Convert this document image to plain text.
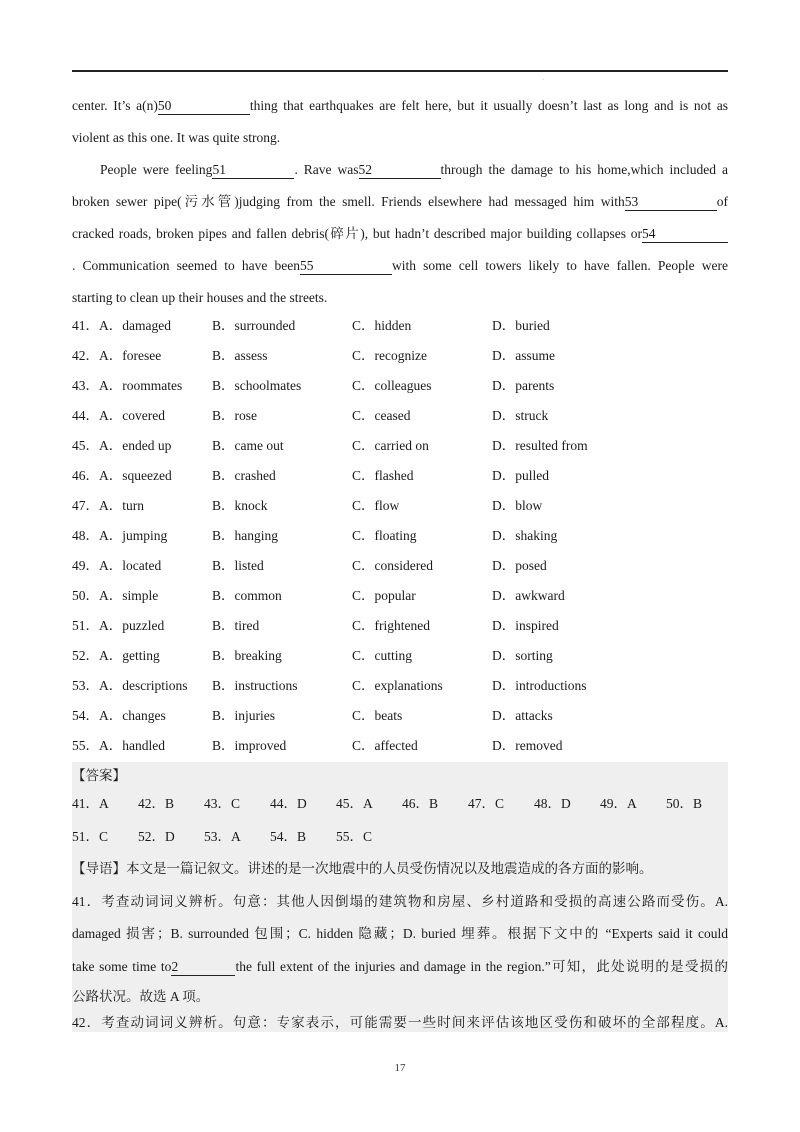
.
center. It’s a(n)50	thing that earthquakes are felt here, but it usually doesn’t last as long and is not as
violent as this one. It was quite strong.
People were feeling51	. Rave was52	through the damage to his home,which included a
broken sewer pipe(污水管)judging from the smell. Friends elsewhere had messaged him with53	of
cracked roads, broken pipes and fallen debris(碎片), but hadn’t described major building collapses or54
. Communication seemed to have been55	with some cell towers likely to have fallen. People were
starting to clean up their houses and the streets.
41．A．damaged	B．surrounded	C．hidden	D．buried
42．A．foresee	B．assess	C．recognize	D．assume
43．A．roommates B．schoolmates	C．colleagues	D．parents
44．A．covered	B．rose	C．ceased	D．struck
45．A．ended up	B．came out	C．carried on	D．resulted from
46．A．squeezed	B．crashed	C．flashed	D．pulled
47．A．turn	B．knock	C．flow	D．blow
48．A．jumping	B．hanging	C．floating	D．shaking
49．A．located	B．listed	C．considered	D．posed
50．A．simple	B．common	C．popular	D．awkward
51．A．puzzled	B．tired	C．frightened	D．inspired
52．A．getting	B．breaking	C．cutting	D．sorting
53．A．descriptions B．instructions	C．explanations	D．introductions
54．A．changes	B．injuries	C．beats	D．attacks
55．A．handled	B．improved	C．affected	D．removed
【答案】
41．A 42．B 43．C 44．D 45．A 46．B 47．C 48．D 49．A 50．B
51．C 52．D 53．A 54．B 55．C
【导语】本文是一篇记叙文。讲述的是一次地震中的人员受伤情况以及地震造成的各方面的影响。
41．考查动词词义辨析。句意：其他人因倒塌的建筑物和房屋、乡村道路和受损的高速公路而受伤。A.
damaged 损害；B. surrounded 包围；C. hidden 隐藏；D. buried 埋葬。根据下文中的 “Experts said it could
take some time to2	the full extent of the injuries and damage in the region.”可知，此处说明的是受损的
公路状况。故选 A 项。
42．考查动词词义辨析。句意：专家表示，可能需要一些时间来评估该地区受伤和破坏的全部程度。A.
17
